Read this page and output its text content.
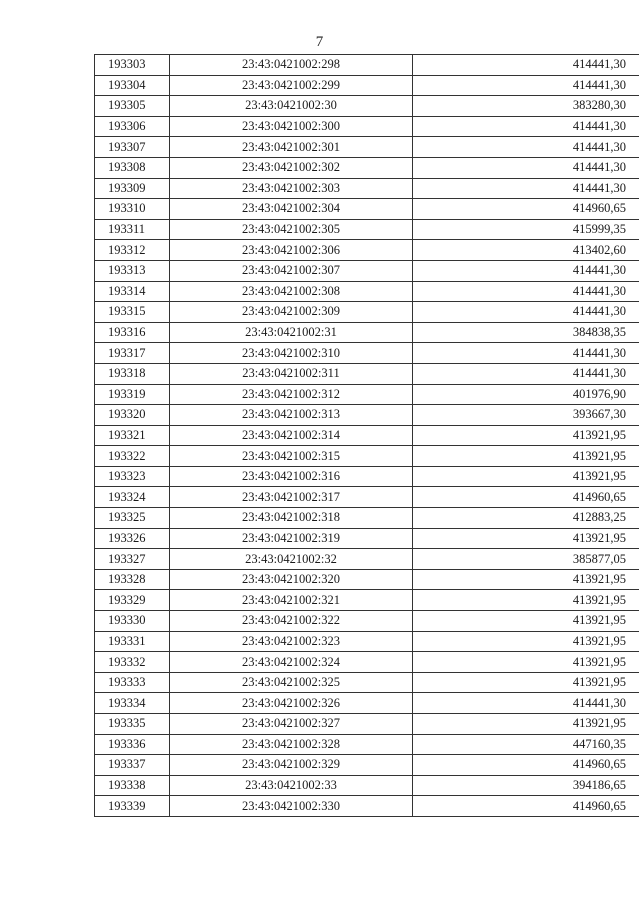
7
193303	23:43:0421002:298	414441,30
193304	23:43:0421002:299	414441,30
193305	23:43:0421002:30	383280,30
193306	23:43:0421002:300	414441,30
193307	23:43:0421002:301	414441,30
193308	23:43:0421002:302	414441,30
193309	23:43:0421002:303	414441,30
193310	23:43:0421002:304	414960,65
193311	23:43:0421002:305	415999,35
193312	23:43:0421002:306	413402,60
193313	23:43:0421002:307	414441,30
193314	23:43:0421002:308	414441,30
193315	23:43:0421002:309	414441,30
193316	23:43:0421002:31	384838,35
193317	23:43:0421002:310	414441,30
193318	23:43:0421002:311	414441,30
193319	23:43:0421002:312	401976,90
193320	23:43:0421002:313	393667,30
193321	23:43:0421002:314	413921,95
193322	23:43:0421002:315	413921,95
193323	23:43:0421002:316	413921,95
193324	23:43:0421002:317	414960,65
193325	23:43:0421002:318	412883,25
193326	23:43:0421002:319	413921,95
193327	23:43:0421002:32	385877,05
193328	23:43:0421002:320	413921,95
193329	23:43:0421002:321	413921,95
193330	23:43:0421002:322	413921,95
193331	23:43:0421002:323	413921,95
193332	23:43:0421002:324	413921,95
193333	23:43:0421002:325	413921,95
193334	23:43:0421002:326	414441,30
193335	23:43:0421002:327	413921,95
193336	23:43:0421002:328	447160,35
193337	23:43:0421002:329	414960,65
193338	23:43:0421002:33	394186,65
193339	23:43:0421002:330	414960,65
